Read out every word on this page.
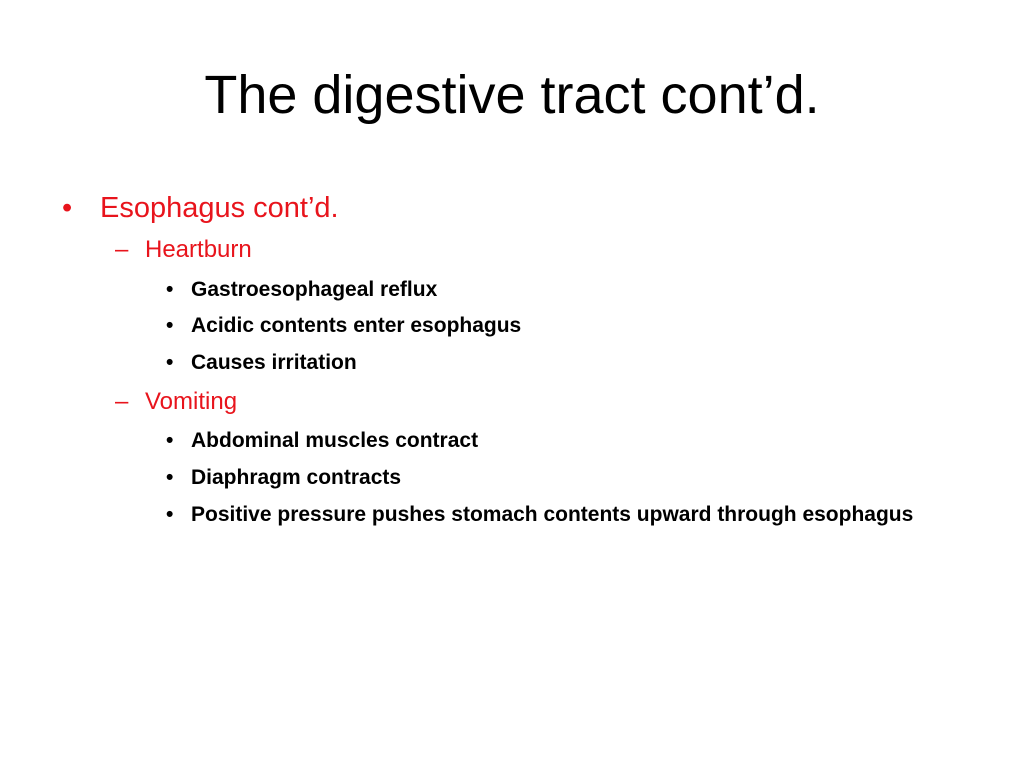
The digestive tract cont’d.
• Esophagus cont’d.
– Heartburn
• Gastroesophageal reflux
• Acidic contents enter esophagus
• Causes irritation
– Vomiting
• Abdominal muscles contract
• Diaphragm contracts
• Positive pressure pushes stomach contents upward through esophagus
